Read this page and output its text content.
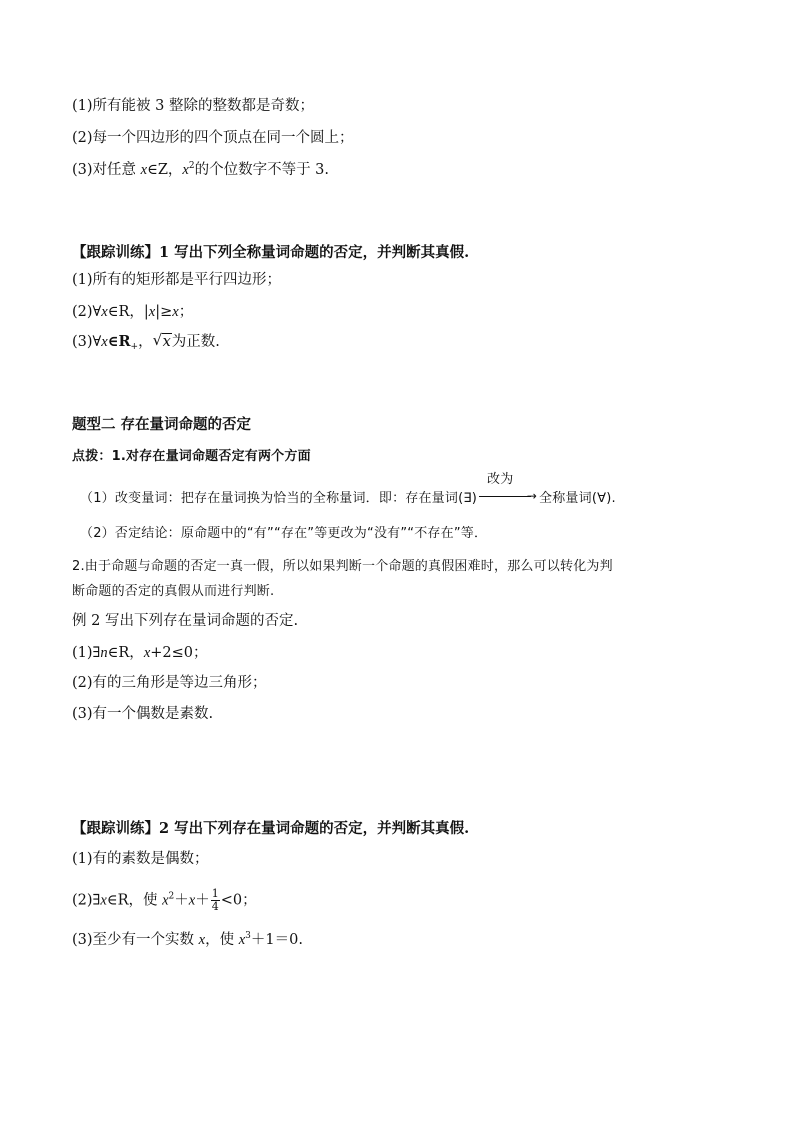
(1)所有能被 3 整除的整数都是奇数；
(2)每一个四边形的四个顶点在同一个圆上；
(3)对任意 x∈Z，$x^2$的个位数字不等于 3.
【跟踪训练】1 写出下列全称量词命题的否定，并判断其真假.
(1)所有的矩形都是平行四边形；
(2)∀x∈R，|x|≥x；
$(3)\forall x\in R_+$， √ x为正数.
题型二 存在量词命题的否定
点拨：1.对存在量词命题否定有两个方面
（1）改变量词：把存在量词换为恰当的全称量词．即：存在量词(∃)
改为
→ 全称量词(∀).
（2）否定结论：原命题中的“有”“存在”等更改为“没有”“不存在”等．
2.由于命题与命题的否定一真一假，所以如果判断一个命题的真假困难时，那么可以转化为判
断命题的否定的真假从而进行判断.
例 2 写出下列存在量词命题的否定.
(1)∃n∈R，x+2≤0；
(2)有的三角形是等边三角形；
(3)有一个偶数是素数.
【跟踪训练】2 写出下列存在量词命题的否定，并判断其真假.
(1)有的素数是偶数；
(2)∃x∈R，使 $x^2+x+ \frac{1}{4} <0$；
(3)至少有一个实数 x，使 $x^3+1=0$.
